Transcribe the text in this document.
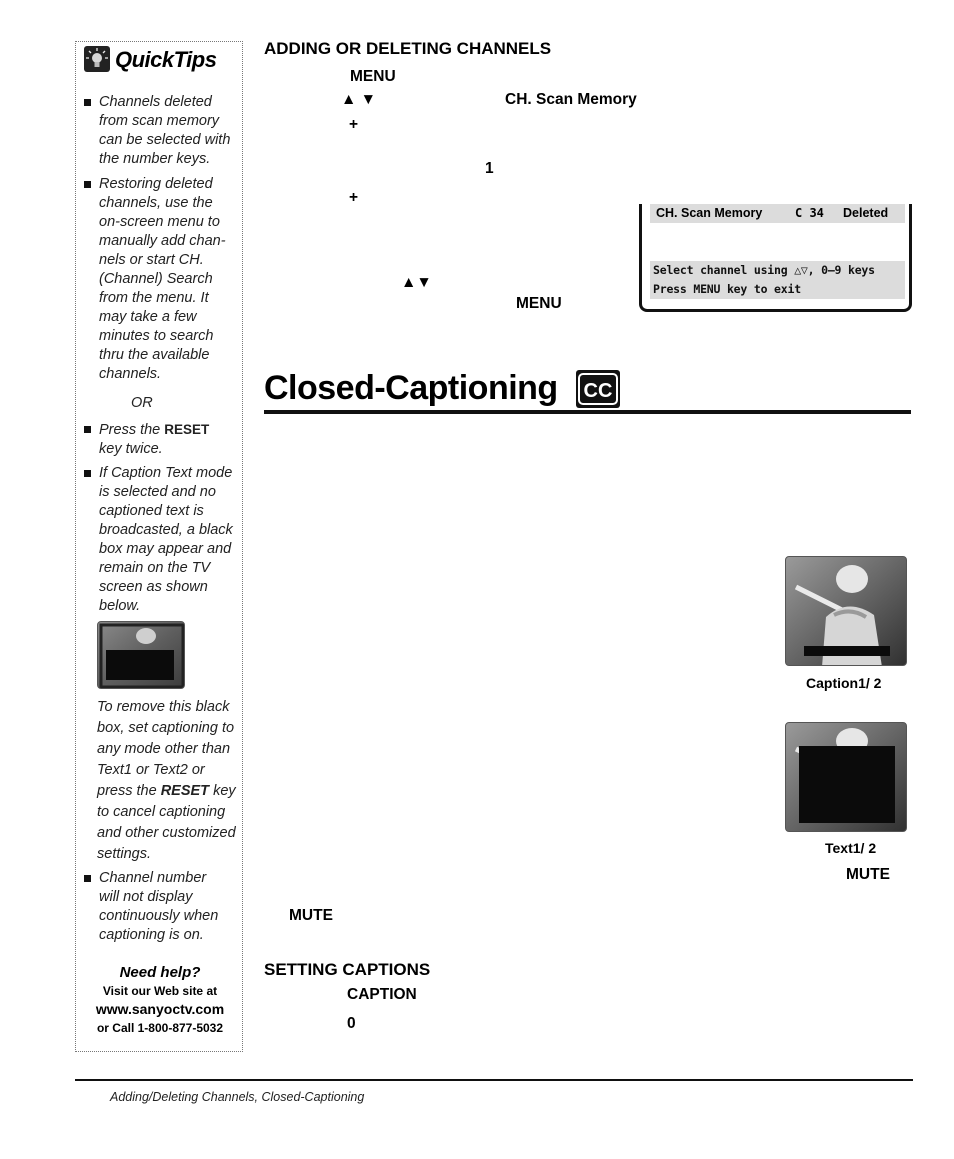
QuickTips
Channels deleted
from scan memory
can be selected with
the number keys.
Restoring deleted
channels, use the
on-screen menu to
manually add chan-
nels or start CH.
(Channel) Search
from the menu. It
may take a few
minutes to search
thru the available
channels.
OR
Press the RESET
key twice.
If Caption Text mode
is selected and no
captioned text is
broadcasted, a black
box may appear and
remain on the TV
screen as shown
below.
To remove this black
box, set captioning to
any mode other than
Text1 or Text2 or
press the RESET key
to cancel captioning
and other customized
settings.
Channel number
will not display
continuously when
captioning is on.
Need help?
Visit our Web site at
www.sanyoctv.com
or Call 1-800-877-5032
ADDING OR DELETING CHANNELS
MENU
▲ ▼	CH. Scan Memory
+
1
+
▲▼
MENU
CH. Scan Memory	C 34 Deleted
Select channel using △▽, 0–9 keys
Press MENU key to exit
Closed-Captioning CC
Caption1/ 2
Text1/ 2
MUTE
MUTE
SETTING CAPTIONS
CAPTION
0
Adding/Deleting Channels, Closed-Captioning
